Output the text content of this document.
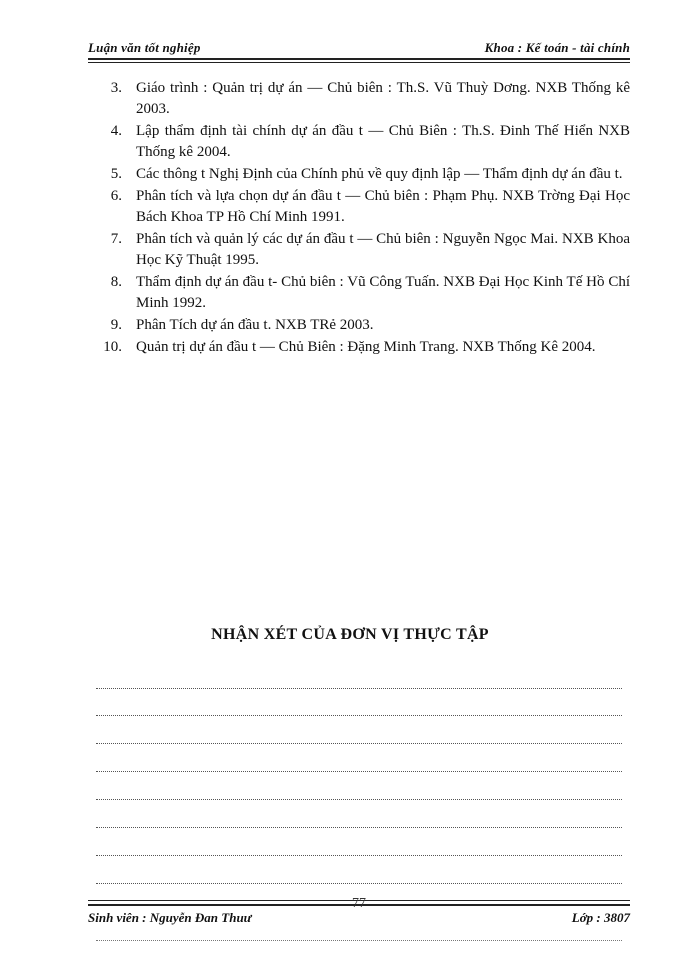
Luận văn tốt nghiệp	Khoa : Kế toán - tài chính
3. Giáo trình : Quản trị dự án — Chủ biên : Th.S. Vũ Thuỳ Dơng. NXB Thống kê 2003.
4. Lập thẩm định tài chính dự án đầu t — Chủ Biên : Th.S. Đinh Thế Hiển NXB Thống kê 2004.
5. Các thông t Nghị Định của Chính phủ về quy định lập — Thẩm định dự án đầu t.
6. Phân tích và lựa chọn dự án đầu t — Chủ biên : Phạm Phụ. NXB Trờng Đại Học Bách Khoa TP Hồ Chí Minh 1991.
7. Phân tích và quản lý các dự án đầu t — Chủ biên : Nguyễn Ngọc Mai. NXB Khoa Học Kỹ Thuật 1995.
8. Thẩm định dự án đầu t- Chủ biên : Vũ Công Tuấn. NXB Đại Học Kinh Tế Hồ Chí Minh 1992.
9. Phân Tích dự án đầu t. NXB TRẻ 2003.
10. Quản trị dự án đầu t — Chủ Biên : Đặng Minh Trang. NXB Thống Kê 2004.
NHẬN XÉT CỦA ĐƠN VỊ THỰC TẬP
Sinh viên : Nguyễn Đan Thuư
77
Lớp : 3807
